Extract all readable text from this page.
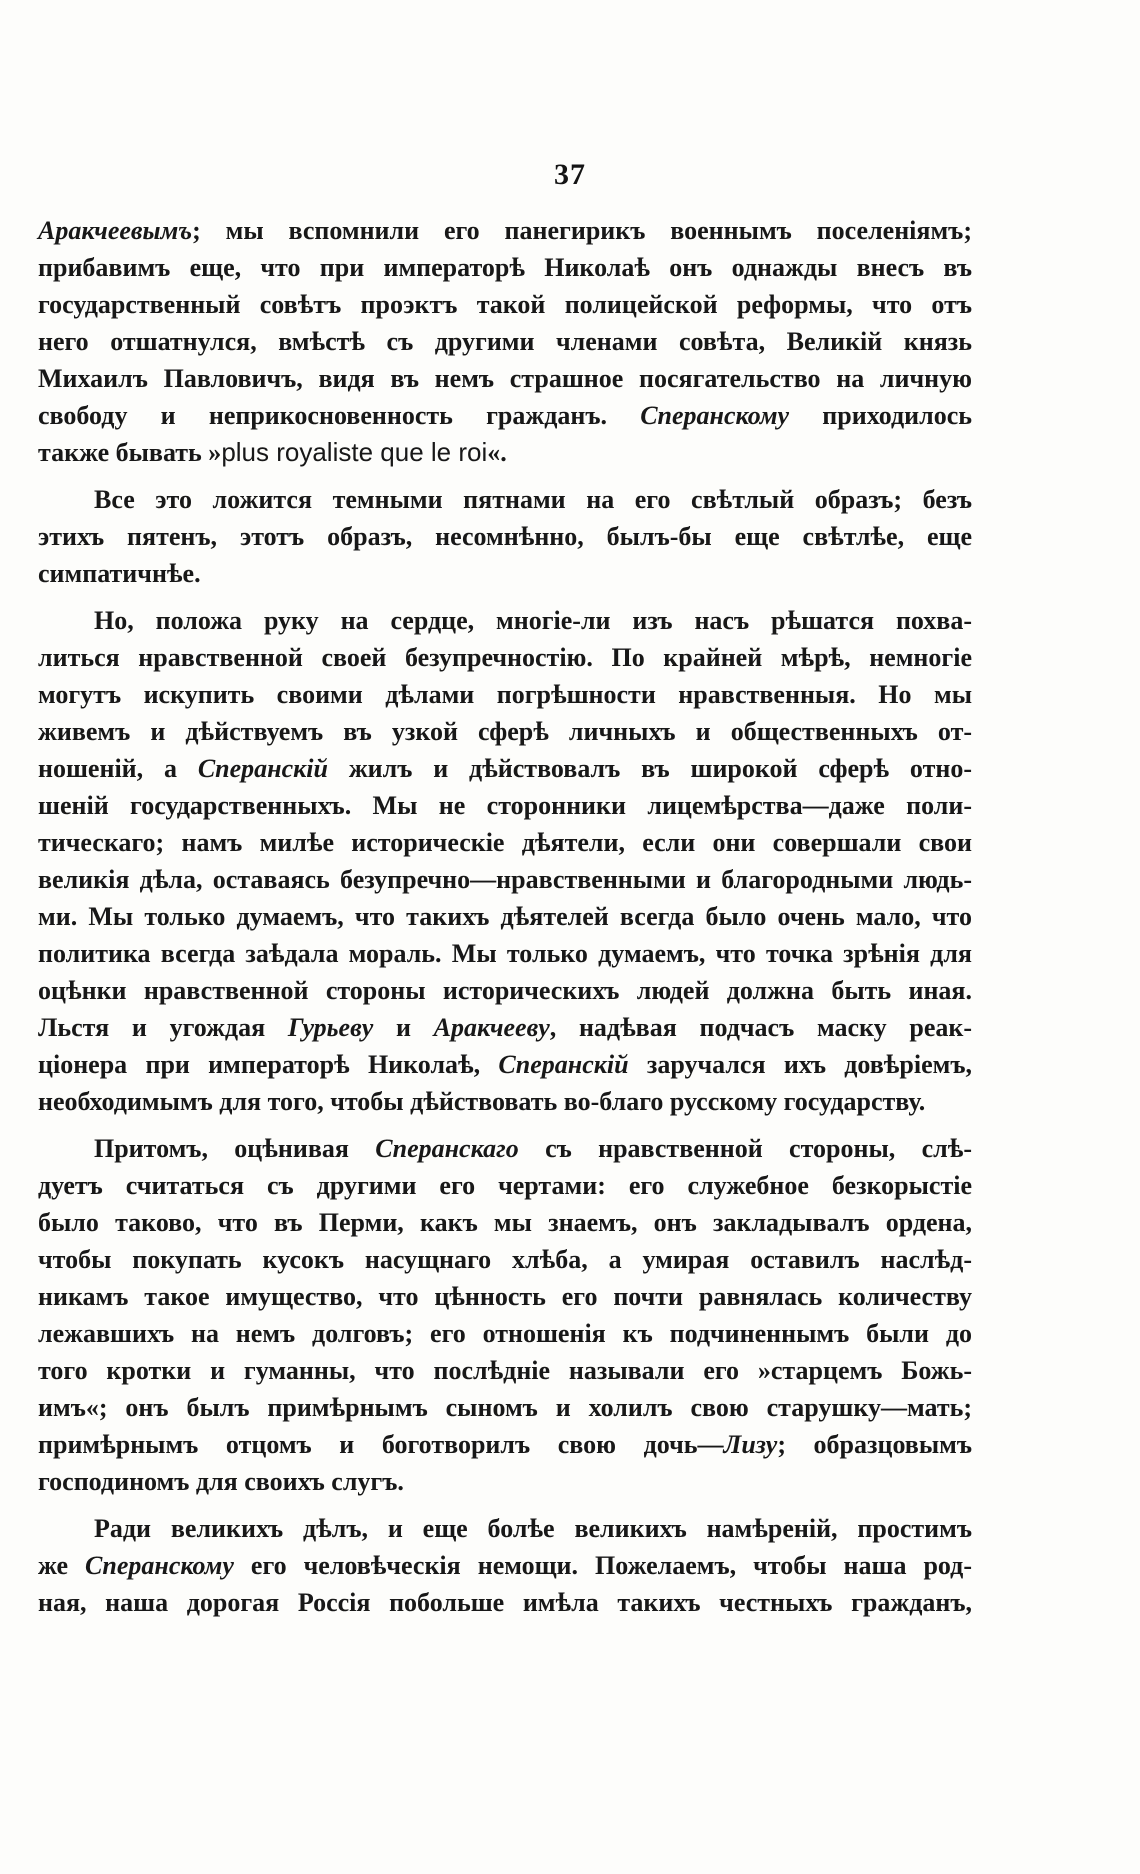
37
Аракчеевымъ; мы вспомнили его панегирикъ военнымъ поселеніямъ;
прибавимъ еще, что при императорѣ Николаѣ онъ однажды внесъ въ
государственный совѣтъ проэктъ такой полицейской реформы, что отъ
него отшатнулся, вмѣстѣ съ другими членами совѣта, Великій князь
Михаилъ Павловичъ, видя въ немъ страшное посягательство на личную
свободу и неприкосновенность гражданъ. Сперанскому приходилось
также бывать »plus royaliste que le roi«.
Все это ложится темными пятнами на его свѣтлый образъ; безъ
этихъ пятенъ, этотъ образъ, несомнѣнно, былъ-бы еще свѣтлѣе, еще
симпатичнѣе.
Но, положа руку на сердце, многіе-ли изъ насъ рѣшатся похва-
литься нравственной своей безупречностію. По крайней мѣрѣ, немногіе
могутъ искупить своими дѣлами погрѣшности нравственныя. Но мы
живемъ и дѣйствуемъ въ узкой сферѣ личныхъ и общественныхъ от-
ношеній, а Сперанскій жилъ и дѣйствовалъ въ широкой сферѣ отно-
шеній государственныхъ. Мы не сторонники лицемѣрства—даже поли-
тическаго; намъ милѣе историческіе дѣятели, если они совершали свои
великія дѣла, оставаясь безупречно—нравственными и благородными людь-
ми. Мы только думаемъ, что такихъ дѣятелей всегда было очень мало, что
политика всегда заѣдала мораль. Мы только думаемъ, что точка зрѣнія для
оцѣнки нравственной стороны историческихъ людей должна быть иная.
Льстя и угождая Гурьеву и Аракчееву, надѣвая подчасъ маску реак-
ціонера при императорѣ Николаѣ, Сперанскій заручался ихъ довѣріемъ,
необходимымъ для того, чтобы дѣйствовать во-благо русскому государству.
Притомъ, оцѣнивая Сперанскаго съ нравственной стороны, слѣ-
дуетъ считаться съ другими его чертами: его служебное безкорыстіе
было таково, что въ Перми, какъ мы знаемъ, онъ закладывалъ ордена,
чтобы покупать кусокъ насущнаго хлѣба, а умирая оставилъ наслѣд-
никамъ такое имущество, что цѣнность его почти равнялась количеству
лежавшихъ на немъ долговъ; его отношенія къ подчиненнымъ были до
того кротки и гуманны, что послѣдніе называли его »старцемъ Божь-
имъ«; онъ былъ примѣрнымъ сыномъ и холилъ свою старушку—мать;
примѣрнымъ отцомъ и боготворилъ свою дочь—Лизу; образцовымъ
господиномъ для своихъ слугъ.
Ради великихъ дѣлъ, и еще болѣе великихъ намѣреній, простимъ
же Сперанскому его человѣческія немощи. Пожелаемъ, чтобы наша род-
ная, наша дорогая Россія побольше имѣла такихъ честныхъ гражданъ,
